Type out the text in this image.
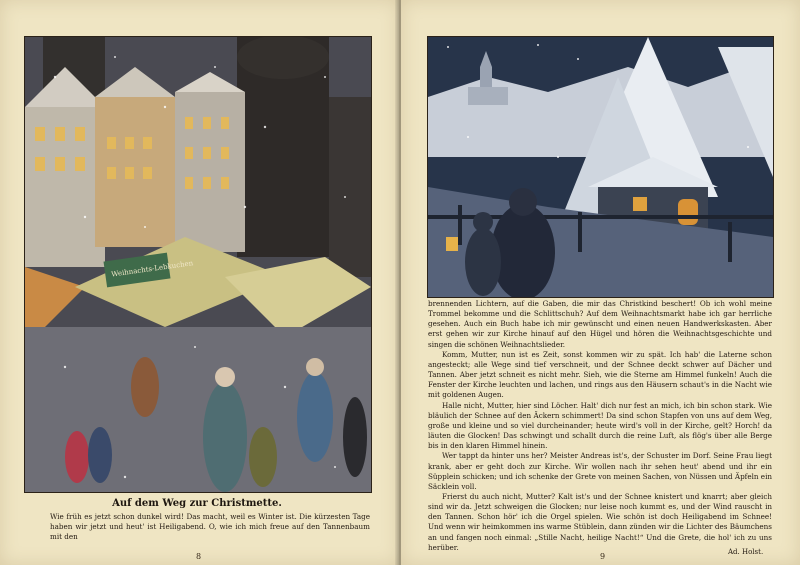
Weihnachts-Lebkuchen
Auf dem Weg zur Christmette.
Wie früh es jetzt schon dunkel wird! Das macht, weil es Winter ist. Die kürzesten Tage haben wir jetzt und heut' ist Heiligabend. O, wie ich mich freue auf den Tannenbaum mit den
8

brennenden Lichtern, auf die Gaben, die mir das Christkind beschert! Ob ich wohl meine Trommel bekomme und die Schlittschuh? Auf dem Weihnachtsmarkt habe ich gar herrliche gesehen. Auch ein Buch habe ich mir gewünscht und einen neuen Handwerkskasten. Aber erst gehen wir zur Kirche hinauf auf den Hügel und hören die Weihnachtsgeschichte und singen die schönen Weihnachtslieder.

Komm, Mutter, nun ist es Zeit, sonst kommen wir zu spät. Ich hab' die Laterne schon angesteckt; alle Wege sind tief verschneit, und der Schnee deckt schwer auf Dächer und Tannen. Aber jetzt schneit es nicht mehr. Sieh, wie die Sterne am Himmel funkeln! Auch die Fenster der Kirche leuchten und lachen, und rings aus den Häusern schaut's in die Nacht wie mit goldenen Augen.

Halle nicht, Mutter, hier sind Löcher. Halt' dich nur fest an mich, ich bin schon stark. Wie bläulich der Schnee auf den Äckern schimmert! Da sind schon Stapfen von uns auf dem Weg, große und kleine und so viel durcheinander; heute wird's voll in der Kirche, gelt? Horch! da läuten die Glocken! Das schwingt und schallt durch die reine Luft, als flög's über alle Berge bis in den klaren Himmel hinein.

Wer tappt da hinter uns her? Meister Andreas ist's, der Schuster im Dorf. Seine Frau liegt krank, aber er geht doch zur Kirche. Wir wollen nach ihr sehen heut' abend und ihr ein Süpplein schicken; und ich schenke der Grete von meinen Sachen, von Nüssen und Äpfeln ein Säcklein voll.

Frierst du auch nicht, Mutter? Kalt ist's und der Schnee knistert und knarrt; aber gleich sind wir da. Jetzt schweigen die Glocken; nur leise noch kummt es, und der Wind rauscht in den Tannen. Schon hör' ich die Orgel spielen. Wie schön ist doch Heiligabend im Schnee! Und wenn wir heimkommen ins warme Stüblein, dann zünden wir die Lichter des Bäumchens an und fangen noch einmal: „Stille Nacht, heilige Nacht!“ Und die Grete, die hol' ich zu uns herüber.

Ad. Holst.
9
